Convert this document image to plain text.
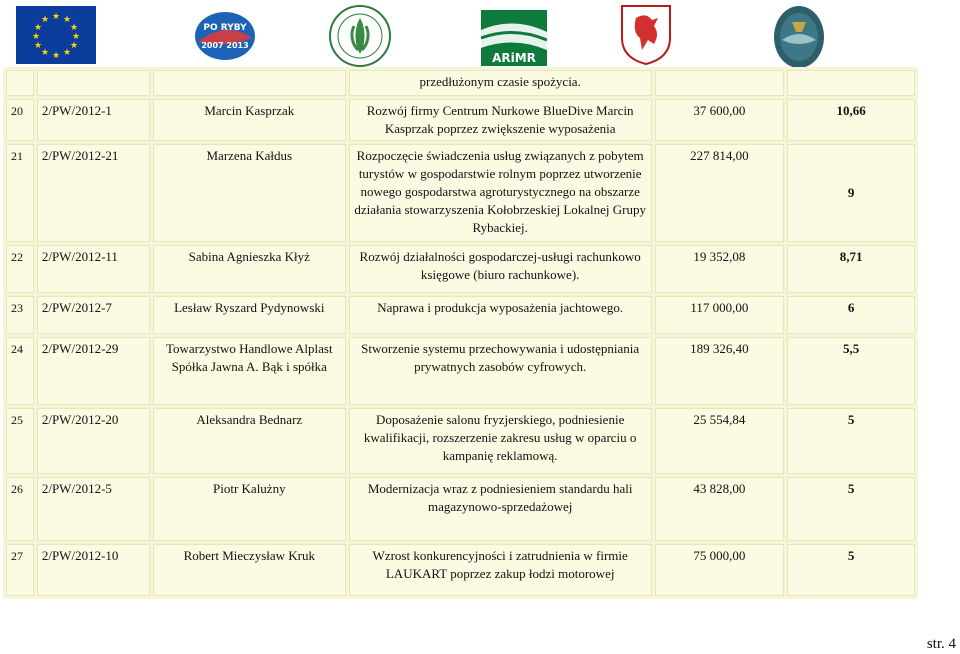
★ ★
★
★
★
★
★
★
★
★
★
★
PO RYBY
2007 2013
ARiMR
			przedłużonym czasie spożycia.		
20	2/PW/2012-1	Marcin Kasprzak	Rozwój firmy Centrum Nurkowe BlueDive Marcin Kasprzak poprzez zwiększenie wyposażenia	37 600,00	10,66
21	2/PW/2012-21	Marzena Kałdus	Rozpoczęcie świadczenia usług związanych z pobytem turystów w gospodarstwie rolnym poprzez utworzenie nowego gospodarstwa agroturystycznego na obszarze działania stowarzyszenia Kołobrzeskiej Lokalnej Grupy Rybackiej.	227 814,00	9
22	2/PW/2012-11	Sabina Agnieszka Kłyż	Rozwój działalności gospodarczej-usługi rachunkowo księgowe (biuro rachunkowe).	19 352,08	8,71
23	2/PW/2012-7	Lesław Ryszard Pydynowski	Naprawa i produkcja wyposażenia jachtowego.	117 000,00	6
24	2/PW/2012-29	Towarzystwo Handlowe Alplast Spółka Jawna A. Bąk i spółka	Stworzenie systemu przechowywania i udostępniania prywatnych zasobów cyfrowych.	189 326,40	5,5
25	2/PW/2012-20	Aleksandra Bednarz	Doposażenie salonu fryzjerskiego, podniesienie kwalifikacji, rozszerzenie zakresu usług w oparciu o kampanię reklamową.	25 554,84	5
26	2/PW/2012-5	Piotr Kalużny	Modernizacja wraz z podniesieniem standardu hali magazynowo-sprzedażowej	43 828,00	5
27	2/PW/2012-10	Robert Mieczysław Kruk	Wzrost konkurencyjności i zatrudnienia w firmie LAUKART poprzez zakup łodzi motorowej	75 000,00	5
str. 4
